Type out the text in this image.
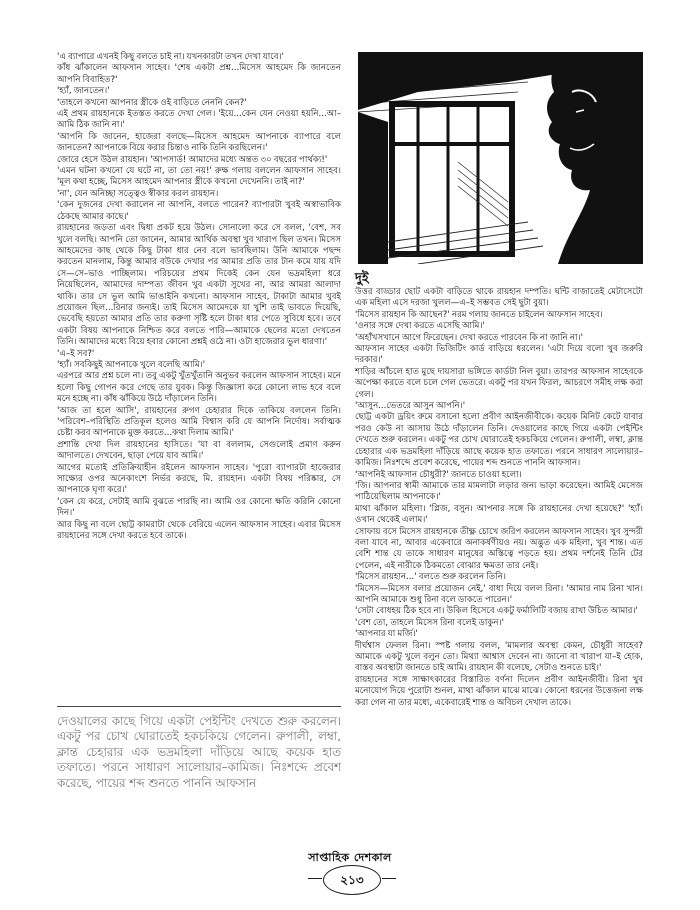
'এ ব্যাপারে এখনই কিছু বলতে চাই না। যখনকারটা তখন দেখা যাবে।'

কাঁধ ঝাঁকালেন আফসান সাহেব। 'শেষ একটা প্রশ্ন...মিসেস আহমেদ কি জানতেন আপনি বিবাহিত?'

'হ্যাঁ, জানতেন।'

'তাহলে কখনো আপনার স্ত্রীকে ওই বাড়িতে নেননি কেন?'

এই প্রথম রায়হানকে ইতস্তত করতে দেখা গেল। 'ইয়ে...কেন যেন নেওয়া হয়নি...আ–আমি ঠিক জানি না।'

'আপনি কি জানেন, হাজেরা বলছে—মিসেস আহমেদ আপনাকে ব্যাপারে বলে জানতেন? আপনাকে বিয়ে করার চিন্তাও নাকি তিনি করছিলেন।'

জোরে হেসে উঠল রায়হান। 'আপসার্ড! আমাদের মধ্যে অন্তত ৩০ বছরের পার্থক্য!'

'এমন ঘটনা কখনো যে ঘটে না, তা তো নয়!' রুক্ষ গলায় বললেন আফসান সাহেব। 'মূল কথা হচ্ছে, মিসেস আহমেদ আপনার স্ত্রীকে কখনো দেখেননি। তাই না?'

'না', যেন অনিচ্ছা সত্ত্বেও স্বীকার করল রায়হান।

'কেন দুজনের দেখা করালেন না আপনি, বলতে পারেন? ব্যাপারটা খুবই অস্বাভাবিক ঠেকছে আমার কাছে।'

রায়হানের জড়তা এবং দ্বিধা প্রকট হয়ে উঠল। সোনালো করে সে বলল, 'বেশ, সব খুলে বলছি। আপনি তো জানেন, আমার আর্থিক অবস্থা খুব খারাপ ছিল তখন। মিসেস আহমেদের কাছ থেকে কিছু টাকা ধার নেব বলে ভাবছিলাম। উনি আমাকে পছন্দ করতেন মানলাম, কিন্তু আমার বউকে দেখার পর আমার প্রতি তার টান কমে যায় যদি সে—সে–ভাও পাচ্ছিলাম। পরিচয়ের প্রথম দিকেই কেন যেন ভদ্রমহিলা ধরে নিয়েছিলেন, আমাদের দাম্পত্য জীবন খুব একটা সুখের না, আর আমরা আলাদা থাকি। তার সে ভুল আমি ভাঙাইনি কখনো। আফসান সাহেব, টাকাটা আমার খুবই প্রয়োজন ছিল...রিনার জন্যই। তাই মিসেস আমেদকে যা খুশি তাই ভাবতে দিয়েছি, ভেবেছি হয়তো আমার প্রতি তার করুণা সৃষ্টি হলে টাকা ধার পেতে সুবিধে হবে। তবে একটা বিষয় আপনাকে নিশ্চিত করে বলতে পারি—আমাকে ছেলের মতো দেখতেন তিনি। আমাদের মধ্যে বিয়ে হবার কোনো প্রশ্নই ওঠে না। ওটা হাজেরার ভুল ধারণা।'

'এ–ই সব?'

'হ্যাঁ। সবকিছুই আপনাকে খুলে বলেছি আমি।'

এরপরে আর প্রশ্ন চলে না। তবু একটু খুঁতখুঁতানি অনুভব করলেন আফসান সাহেব। মনে হলো কিছু গোপন করে গেছে তার যুবক। কিন্তু জিজ্ঞাসা করে কোনো লাভ হবে বলে মনে হচ্ছে না। কাঁধ ঝাঁকিয়ে উঠে দাঁড়ালেন তিনি।

'আজ তা হলে আসি', রায়হানের রুগণ চেহারার দিকে তাকিয়ে বললেন তিনি। 'পরিবেশ–পরিস্থিতি প্রতিকূল হলেও আমি বিশ্বাস করি যে আপনি নির্দোষ। সর্বাত্মক চেষ্টা করব আপনাকে মুক্ত করতে...কথা দিলাম আমি।'

প্রশান্তি দেখা দিল রায়হানের হাসিতে। 'যা বা বললাম, সেগুলোই প্রমাণ করুন আদালতে। দেখবেন, ছাড়া পেয়ে যাব আমি।'

আগের মতোই প্রতিক্রিয়াহীন রইলেন আফসান সাহেব। 'পুরো ব্যাপারটা হাজেরার সাক্ষ্যের ওপর অনেকাংশে নির্ভর করছে, মি. রায়হান। একটা বিষয় পরিষ্কার, সে আপনাকে ঘৃণা করে।'

'কেন যে করে, সেটাই আমি বুঝতে পারছি না। আমি ওর কোনো ক্ষতি করিনি কোনো দিন।'

আর কিছু না বলে ছোট্ট কামরাটা থেকে বেরিয়ে এলেন আফসান সাহেব। এবার মিসেস রায়হানের সঙ্গে দেখা করতে হবে তাকে।

দেওয়ালের কাছে গিয়ে একটা পেইন্টিং দেখতে শুরু করলেন। একটু পর চোখ ঘোরাতেই হকচকিয়ে গেলেন। রুপালী, লম্বা, ক্লান্ত চেহারার এক ভদ্রমহিলা দাঁড়িয়ে আছে কয়েক হাত তফাতে। পরনে সাধারণ সালোয়ার–কামিজ। নিঃশব্দে প্রবেশ করেছে, পায়ের শব্দ শুনতে পাননি আফসান

দুই

উত্তর বাড্ডার ছোট একটা বাড়িতে থাকে রায়হান দম্পতি। ঘন্টি বাজাতেই মেটাসেটো এক মহিলা এসে দরজা খুলল—এ–ই সম্ভবত সেই ছুটা বুয়া।

'মিসেস রায়হান কি আছেন?' নরম গলায় জানতে চাইলেন আফসান সাহেব।

'ওনার সঙ্গে দেখা করতে এসেছি আমি।'

'অহাঁখসখানে আগে ফিরেছেন। দেখা করতে পারবেন কি না জানি না।'

আফসান সাহেব একটা ভিজিটিং কার্ড বাড়িয়ে ধরলেন। 'এটা দিয়ে বলো খুব জরুরি দরকার।'

শাড়ির আঁচলে হাত মুছে দায়সারা ভঙ্গিতে কার্ডটা নিল বুয়া। তারপর আফসান সাহেবকে অপেক্ষা করতে বলে চলে গেল ভেতরে। একটু পর যখন ফিরল, আচরণে সমীহ লক্ষ করা গেল।

'আসুন...ভেতরে আসুন আপনি।'

ছোট্ট একটা ড্রয়িং রুমে বসানো হলো প্রবীণ আইনজীবীকে। কয়েক মিনিট কেটে যাবার পরও কেউ না আসায় উঠে দাঁড়ালেন তিনি। দেওয়ালের কাছে গিয়ে একটা পেইন্টিং দেখতে শুরু করলেন। একটু পর চোখ ঘোরাতেই হকচকিয়ে গেলেন। রুপালী, লম্বা, ক্লান্ত চেহারার এক ভদ্রমহিলা দাঁড়িয়ে আছে কয়েক হাত তফাতে। পরনে সাধারণ সালোয়ার–কামিজ। নিঃশব্দে প্রবেশ করেছে, পায়ের শব্দ শুনতে পাননি আফসান।

'আপনিই আফসান চৌধুরী?' জানতে চাওয়া হলো।

'জি। আপনার স্বামী আমাকে তার মামলাটা লড়ার জন্য ভাড়া করেছেন। আমিই মেসেজ পাঠিয়েছিলাম আপনাকে।'

মাথা ঝাঁকাল মহিলা। 'প্লিজ, বসুন। আপনার সঙ্গে কি রায়হানের দেখা হয়েছে?' 'হ্যাঁ। ওখান থেকেই এলাম।'

সোফায় বসে মিসেস রায়হানকে তীক্ষ্ণ চোখে জরিপ করলেন আফসান সাহেব। খুব সুন্দরী বলা যাবে না, আবার একেবারে অনাকর্ষণীয়ও নয়। অদ্ভুত এক মহিলা, খুব শান্ত। এত বেশি শান্ত যে তাকে সাধারণ মানুষের অস্তিত্বে পড়তে হয়। প্রথম দর্শনেই তিনি টের পেলেন, এই নারীকে ঠিকমতো বোঝার ক্ষমতা তার নেই।

'মিসেস রায়হান...' বলতে শুরু করলেন তিনি।

'মিসেস—মিসেস বলার প্রয়োজন নেই,' বাধা দিয়ে বলল রিনা। 'আমার নাম রিনা খান। আপনি আমাকে শুধু রিনা বলে ডাকতে পারেন।'

'সেটা বোধহয় ঠিক হবে না। উকিল হিসেবে একটু ফর্মালিটি বজায় রাখা উচিত আমার।'

'বেশ তো, তাহলে মিসেস রিনা বলেই ডাকুন।'

'আপনার যা মর্জি।'

দীর্ঘশ্বাস ফেলল রিনা। স্পষ্ট গলায় বলল, 'মামলার অবস্থা কেমন, চৌধুরী সাহেব? আমাকে একটু খুলে বলুন তো। মিথ্যা আশ্বাস দেবেন না। জানো বা খারাপ যা–ই হোক, বাস্তব অবস্থাটা জানতে চাই আমি। রায়হান কী বলেছে, সেটাও শুনতে চাই।'

রায়হানের সঙ্গে সাক্ষাৎকারের বিস্তারিত বর্ণনা দিলেন প্রবীণ আইনজীবী। রিনা খুব মনোযোগ দিয়ে পুরোটা শুনল, মাথা ঝাঁকাল মাঝে মাঝে। কোনো ধরনের উত্তেজনা লক্ষ করা গেল না তার মধ্যে, একেবারেই শান্ত ও অবিচল দেখাল তাকে।

সাপ্তাহিক দেশকাল
২১৩
